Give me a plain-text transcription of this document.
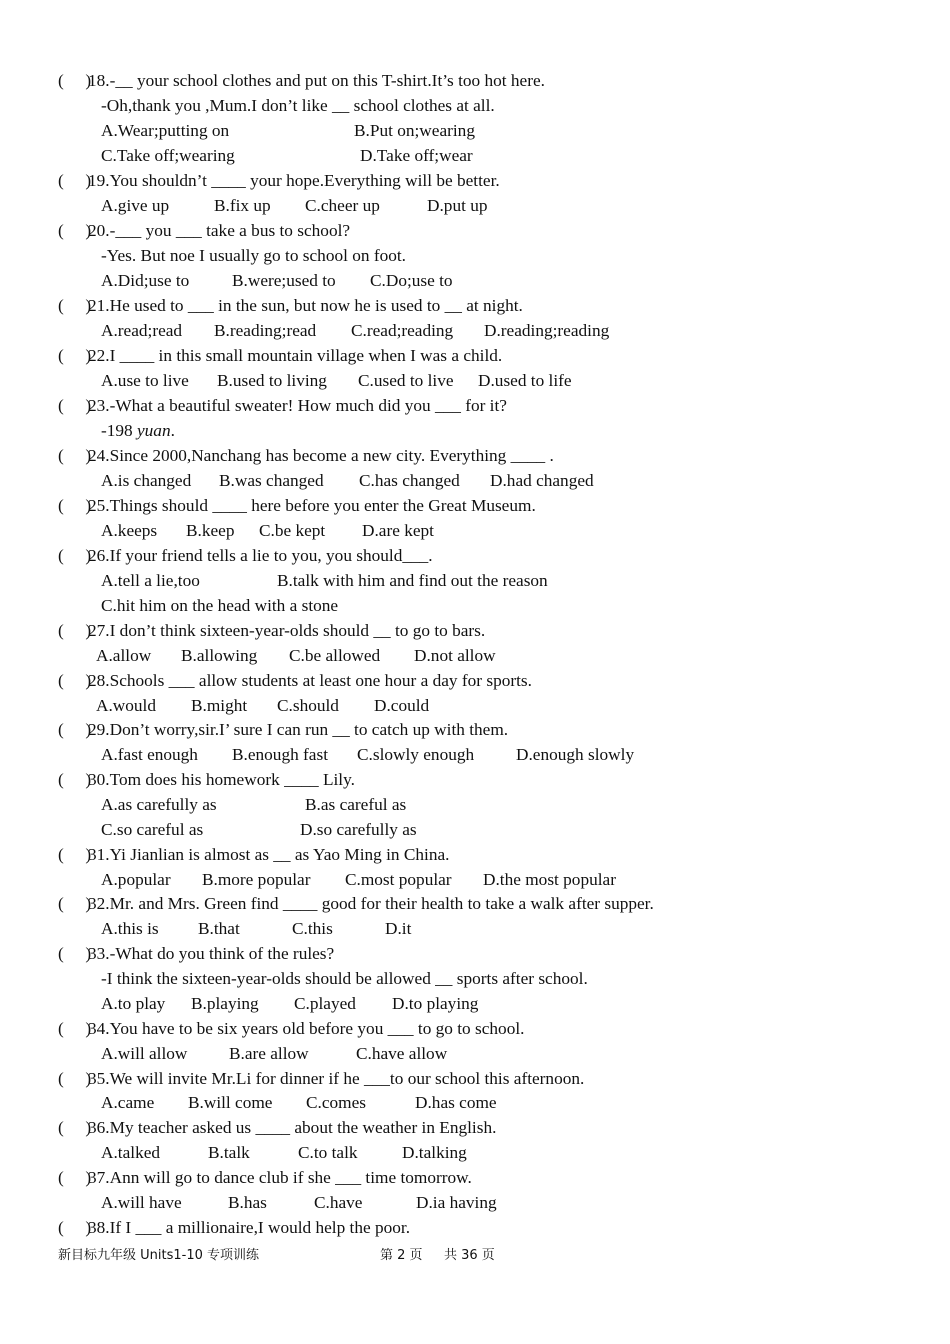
(     )

18.-__ your school clothes and put on this T-shirt.It’s too hot here.

-Oh,thank you ,Mum.I don’t like __ school clothes at all.

A.Wear;putting on

	B.Put on;wearing

C.Take off;wearing

	D.Take off;wear

(     )

19.You shouldn’t ____ your hope.Everything will be better.

A.give up

	B.fix up

C.cheer up

	D.put up

(     )

20.-___ you ___ take a bus to school?

-Yes. But noe I usually go to school on foot.

A.Did;use to

B.were;used to

C.Do;use to

(     )

21.He used to ___ in the sun, but now he is used to __ at night.

A.read;read

B.reading;read

C.read;reading

D.reading;reading

(     )

22.I ____ in this small mountain village when I was a child.

A.use to live

B.used to living

C.used to live

D.used to life

(     )

23.-What a beautiful sweater! How much did you ___ for it?

-198 yuan.

(     )

24.Since 2000,Nanchang has become a new city. Everything ____ .

A.is changed

B.was changed

C.has changed

D.had changed

(     )

25.Things should ____ here before you enter the Great Museum.

A.keeps

B.keep

C.be kept

D.are kept

(     )

26.If your friend tells a lie to you, you should___.

A.tell a lie,too

	B.talk with him and find out the reason

C.hit him on the head with a stone

(     )

27.I don’t think sixteen-year-olds should __ to go to bars.

A.allow

B.allowing

C.be allowed

D.not allow

(     )

28.Schools ___ allow students at least one hour a day for sports.

A.would

B.might

C.should

D.could

(     )

29.Don’t worry,sir.I’ sure I can run __ to catch up with them.

A.fast enough

B.enough fast

C.slowly enough

D.enough slowly

(     )

30.Tom does his homework ____ Lily.

A.as carefully as

	B.as careful as

C.so careful as

	D.so carefully as

(     )

31.Yi Jianlian is almost as __ as Yao Ming in China.

A.popular

B.more popular

C.most popular

D.the most popular

(     )

32.Mr. and Mrs. Green find ____ good for their health to take a walk after supper.

A.this is

B.that

	C.this

	D.it

(     )

33.-What do you think of the rules?

-I think the sixteen-year-olds should be allowed __ sports after school.

A.to play

B.playing

C.played

D.to playing

(     )

34.You have to be six years old before you ___ to go to school.

A.will allow

B.are allow

	C.have allow

(     )

35.We will invite Mr.Li for dinner if he ___to our school this afternoon.

A.came

B.will come

C.comes

	D.has come

(     )

36.My teacher asked us ____ about the weather in English.

A.talked

	B.talk

	C.to talk

	D.talking

(     )

37.Ann will go to dance club if she ___ time tomorrow.

A.will have

	B.has

	C.have

	D.ia having

(     )

38.If I ___ a millionaire,I would help the poor.

新目标九年级 Units1-10 专项训练	第 2 页 共 36 页
